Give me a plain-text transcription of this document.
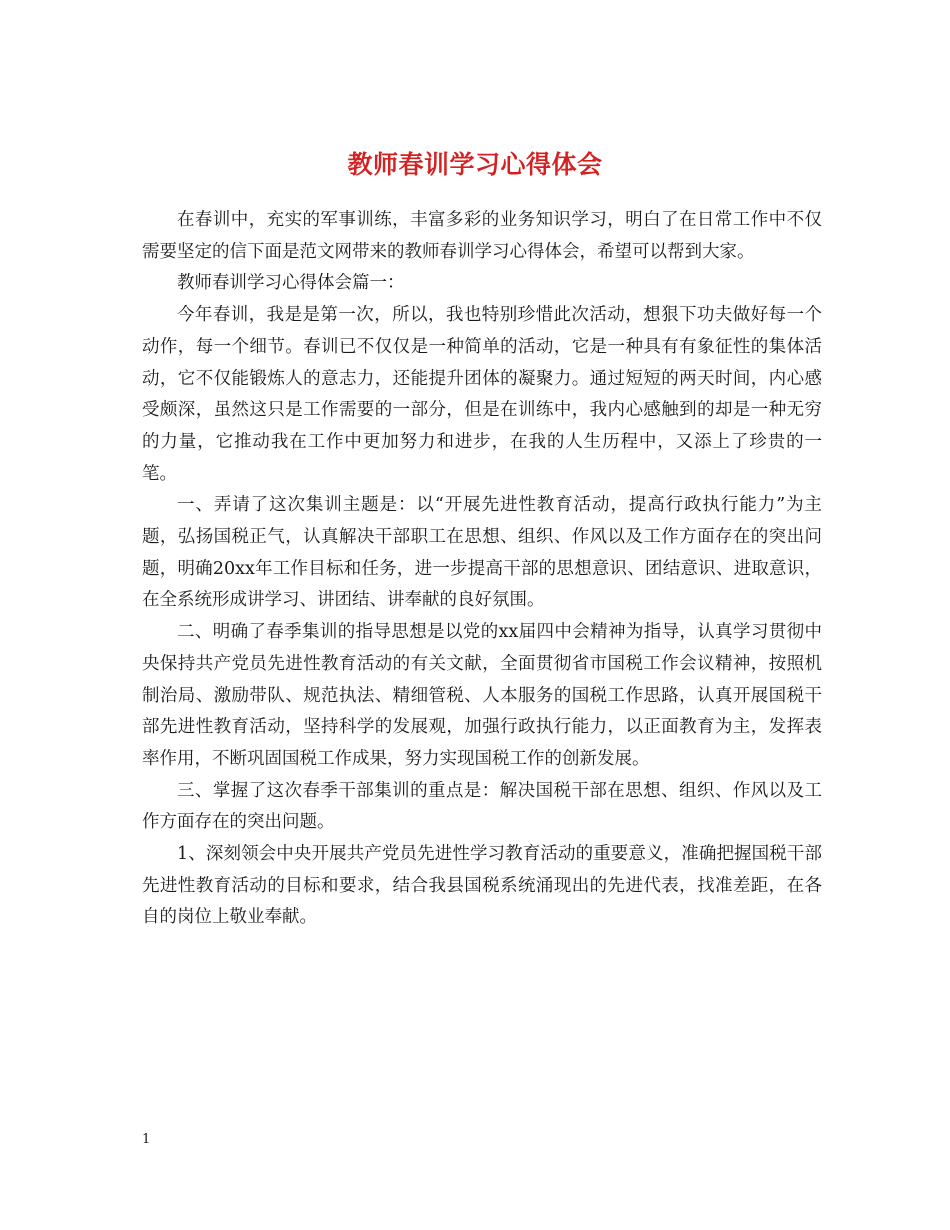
教师春训学习心得体会

在春训中，充实的军事训练，丰富多彩的业务知识学习，明白了在日常工作中不仅需要坚定的信下面是范文网带来的教师春训学习心得体会，希望可以帮到大家。

教师春训学习心得体会篇一：

今年春训，我是是第一次，所以，我也特别珍惜此次活动，想狠下功夫做好每一个动作，每一个细节。春训已不仅仅是一种简单的活动，它是一种具有有象征性的集体活动，它不仅能锻炼人的意志力，还能提升团体的凝聚力。通过短短的两天时间，内心感受颇深，虽然这只是工作需要的一部分，但是在训练中，我内心感触到的却是一种无穷的力量，它推动我在工作中更加努力和进步，在我的人生历程中，又添上了珍贵的一笔。

一、弄请了这次集训主题是：以“开展先进性教育活动，提高行政执行能力”为主题，弘扬国税正气，认真解决干部职工在思想、组织、作风以及工作方面存在的突出问题，明确20xx年工作目标和任务，进一步提高干部的思想意识、团结意识、进取意识，在全系统形成讲学习、讲团结、讲奉献的良好氛围。

二、明确了春季集训的指导思想是以党的xx届四中会精神为指导，认真学习贯彻中央保持共产党员先进性教育活动的有关文献，全面贯彻省市国税工作会议精神，按照机制治局、激励带队、规范执法、精细管税、人本服务的国税工作思路，认真开展国税干部先进性教育活动，坚持科学的发展观，加强行政执行能力，以正面教育为主，发挥表率作用，不断巩固国税工作成果，努力实现国税工作的创新发展。

三、掌握了这次春季干部集训的重点是：解决国税干部在思想、组织、作风以及工作方面存在的突出问题。

1、深刻领会中央开展共产党员先进性学习教育活动的重要意义，准确把握国税干部先进性教育活动的目标和要求，结合我县国税系统涌现出的先进代表，找准差距，在各自的岗位上敬业奉献。

1
